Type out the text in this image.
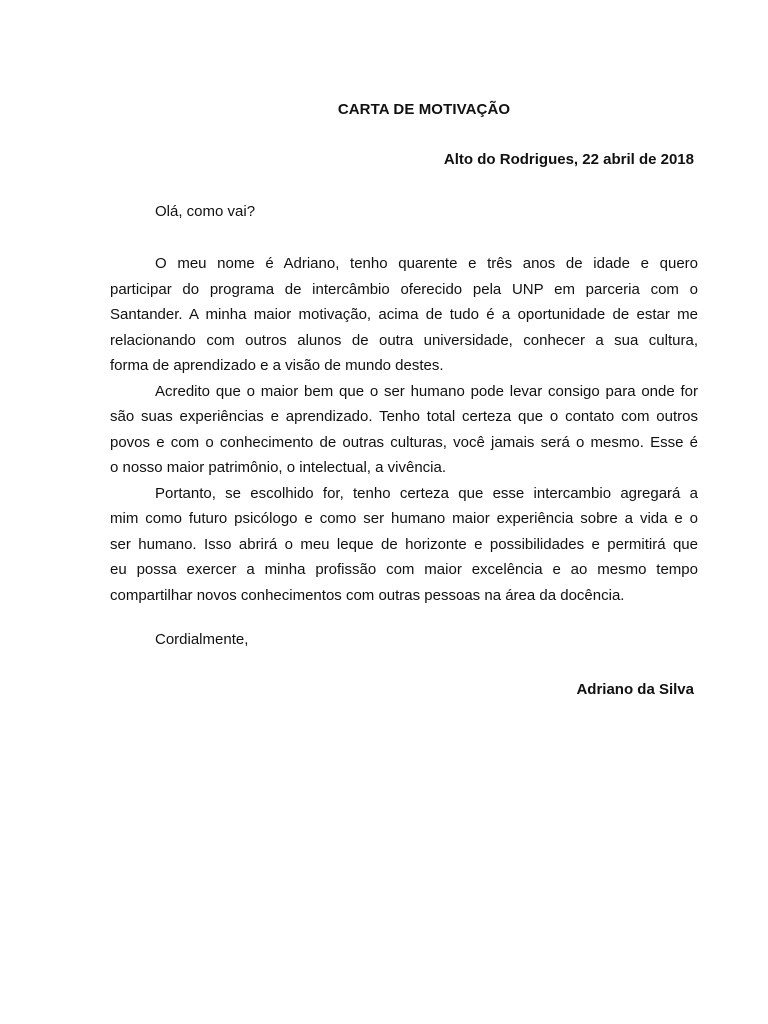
CARTA DE MOTIVAÇÃO
Alto do Rodrigues, 22 abril de 2018
Olá, como vai?

O meu nome é Adriano, tenho quarente e três anos de idade e quero
participar do programa de intercâmbio oferecido pela UNP em parceria com o
Santander. A minha maior motivação, acima de tudo é a oportunidade de estar me
relacionando com outros alunos de outra universidade, conhecer a sua cultura,
forma de aprendizado e a visão de mundo destes.

Acredito que o maior bem que o ser humano pode levar consigo para onde for
são suas experiências e aprendizado. Tenho total certeza que o contato com outros
povos e com o conhecimento de outras culturas, você jamais será o mesmo. Esse é
o nosso maior patrimônio, o intelectual, a vivência.

Portanto, se escolhido for, tenho certeza que esse intercambio agregará a
mim como futuro psicólogo e como ser humano maior experiência sobre a vida e o
ser humano. Isso abrirá o meu leque de horizonte e possibilidades e permitirá que
eu possa exercer a minha profissão com maior excelência e ao mesmo tempo
compartilhar novos conhecimentos com outras pessoas na área da docência.

Cordialmente,
Adriano da Silva
